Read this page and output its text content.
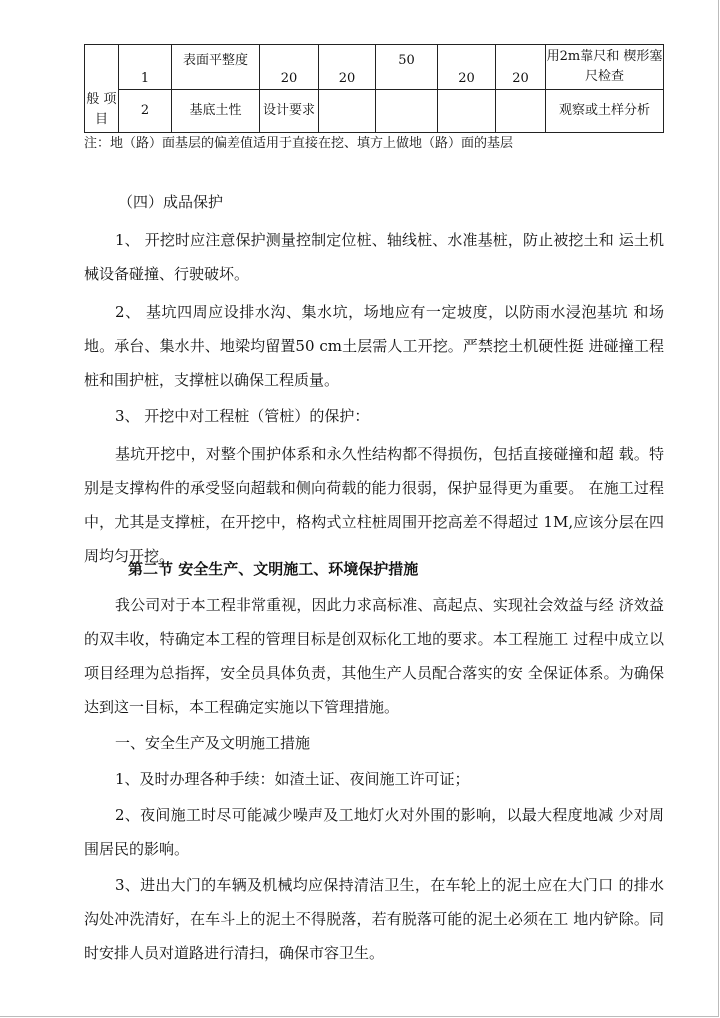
般 项 目	1	表面平整度	20	20	50	20	20	用2m靠尺和 楔形塞尺检查
	2	基底土性	设计要求					观察或土样分析
注：地（路）面基层的偏差值适用于直接在挖、填方上做地（路）面的基层

（四）成品保护

1、 开挖时应注意保护测量控制定位桩、轴线桩、水准基桩，防止被挖土和 运土机械设备碰撞、行驶破坏。

2、 基坑四周应设排水沟、集水坑，场地应有一定坡度，以防雨水浸泡基坑 和场地。承台、集水井、地梁均留置50 cm土层需人工开挖。严禁挖土机硬性挺 进碰撞工程桩和围护桩，支撑桩以确保工程质量。

3、 开挖中对工程桩（管桩）的保护：

基坑开挖中，对整个围护体系和永久性结构都不得损伤，包括直接碰撞和超 载。特别是支撑构件的承受竖向超载和侧向荷载的能力很弱，保护显得更为重要。 在施工过程中，尤其是支撑桩，在开挖中，格构式立柱桩周围开挖高差不得超过 1M,应该分层在四周均匀开挖。

第二节 安全生产、文明施工、环境保护措施

我公司对于本工程非常重视，因此力求高标准、高起点、实现社会效益与经 济效益的双丰收，特确定本工程的管理目标是创双标化工地的要求。本工程施工 过程中成立以项目经理为总指挥，安全员具体负责，其他生产人员配合落实的安 全保证体系。为确保达到这一目标，本工程确定实施以下管理措施。

一、安全生产及文明施工措施

1、及时办理各种手续：如渣土证、夜间施工许可证；

2、夜间施工时尽可能减少噪声及工地灯火对外围的影响，以最大程度地减 少对周围居民的影响。

3、进出大门的车辆及机械均应保持清洁卫生，在车轮上的泥土应在大门口 的排水沟处冲洗清好，在车斗上的泥土不得脱落，若有脱落可能的泥土必须在工 地内铲除。同时安排人员对道路进行清扫，确保市容卫生。
